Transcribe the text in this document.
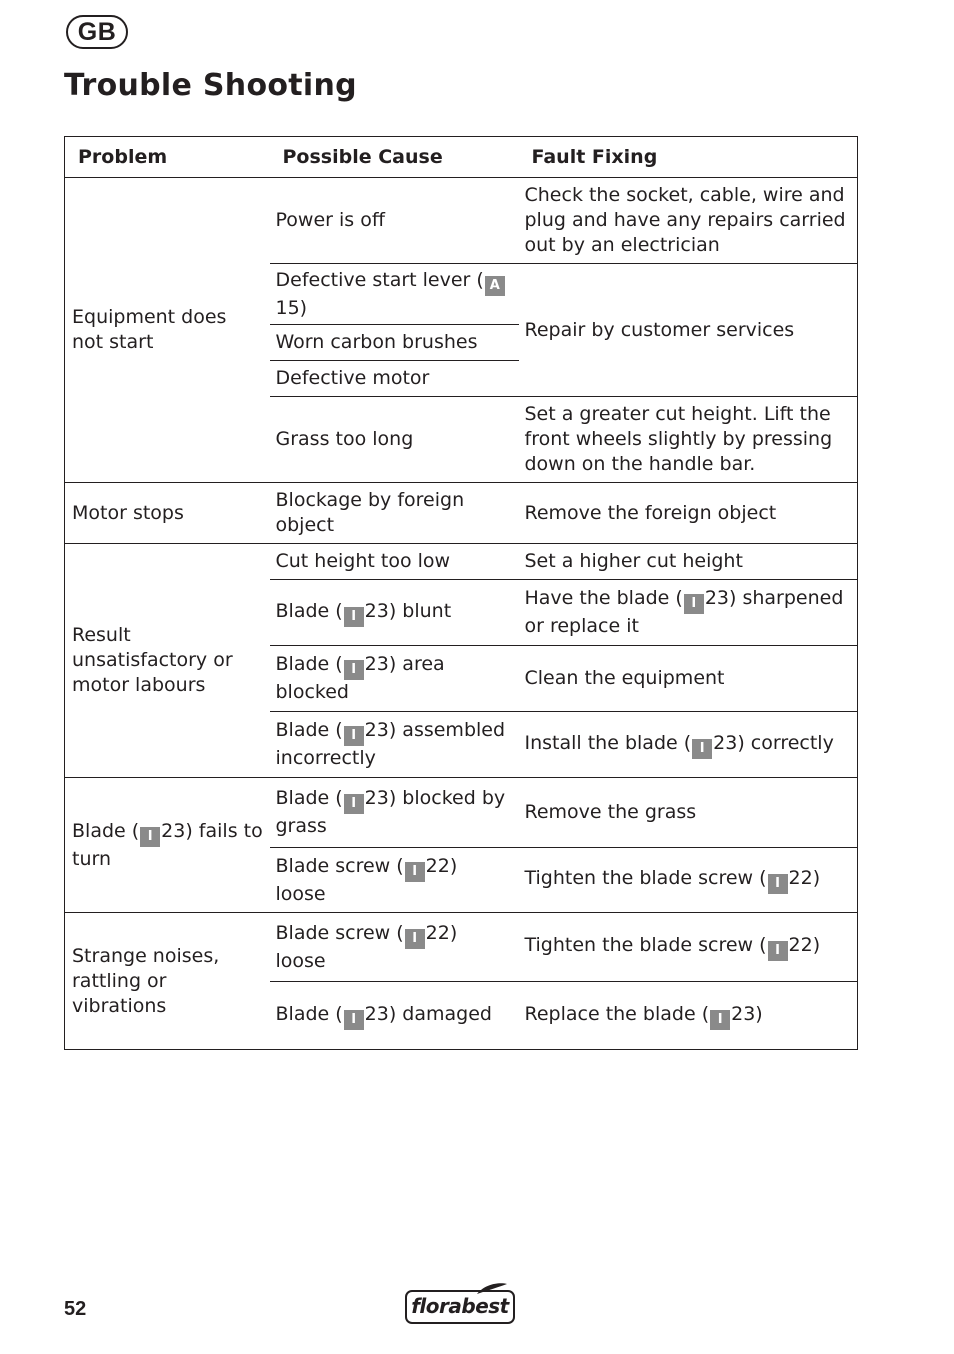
GB
Trouble Shooting
Problem	Possible Cause	Fault Fixing
Equipment does not start	Power is off	Check the socket, cable, wire and plug and have any repairs carried out by an electrician
	Defective start lever ( A15)	Repair by customer services
	Worn carbon brushes	
	Defective motor	
	Grass too long	Set a greater cut height. Lift the front wheels slightly by pressing down on the handle bar.
Motor stops	Blockage by foreign object	Remove the foreign object
Result unsatisfactory or motor labours	Cut height too low	Set a higher cut height
	Blade ( I 23) blunt	Have the blade ( I 23) sharpened or replace it
	Blade ( I 23) area blocked	Clean the equipment
	Blade ( I 23) assembled incorrectly	Install the blade ( I 23) correctly
Blade ( I 23) fails to turn	Blade ( I 23) blocked by grass	Remove the grass
	Blade screw ( I 22) loose	Tighten the blade screw ( I 22)
Strange noises, rattling or vibrations	Blade screw ( I 22) loose	Tighten the blade screw ( I 22)
	Blade ( I 23) damaged	Replace the blade ( I 23)
52	florabest
